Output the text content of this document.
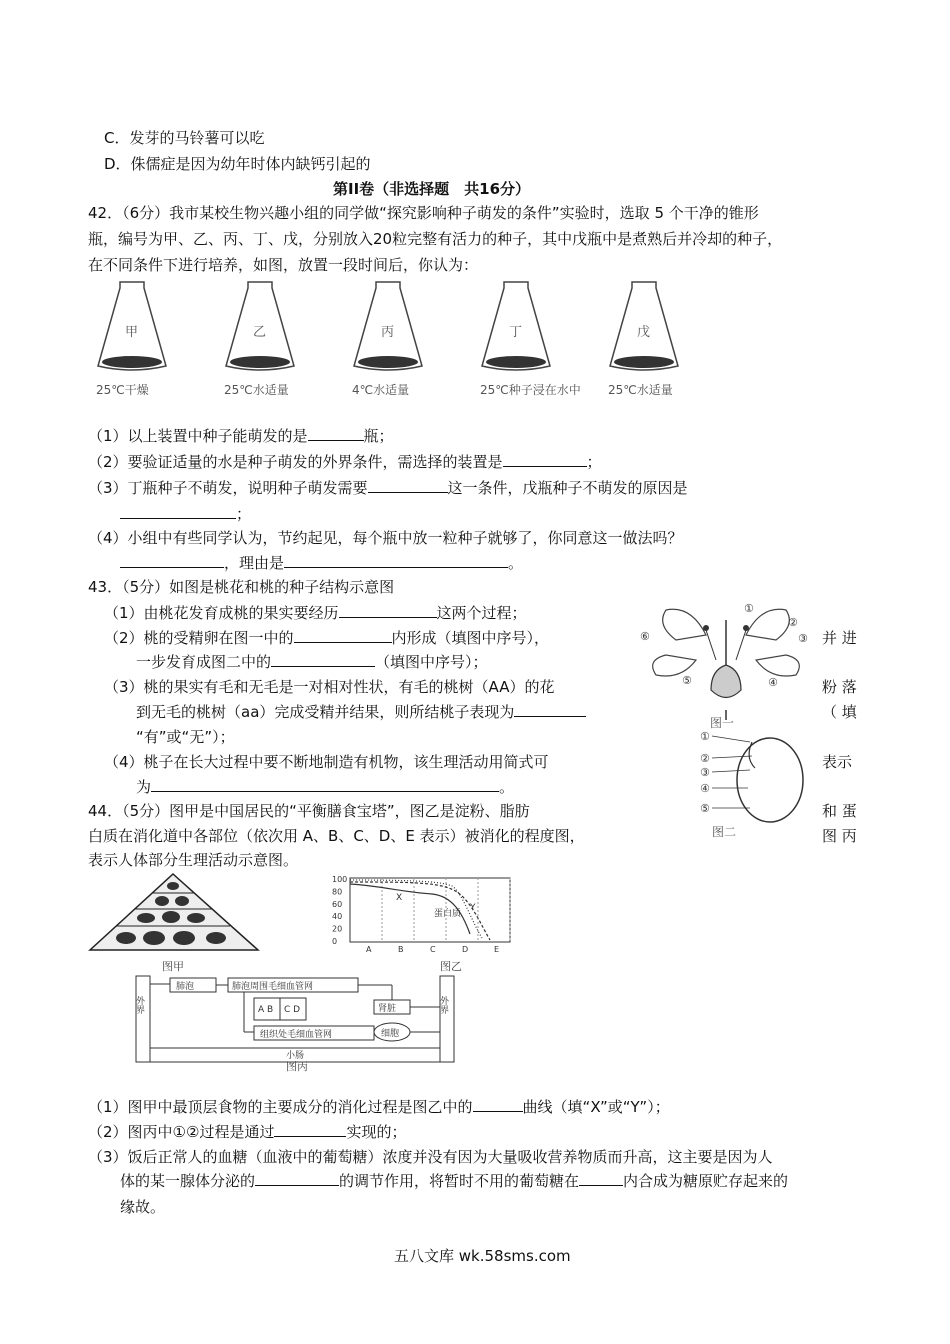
C．发芽的马铃薯可以吃
D．侏儒症是因为幼年时体内缺钙引起的
第II卷（非选择题　共16分）
42．（6分）我市某校生物兴趣小组的同学做“探究影响种子萌发的条件”实验时，选取 5 个干净的锥形
瓶，编号为甲、乙、丙、丁、戊，分别放入20粒完整有活力的种子，其中戊瓶中是煮熟后并冷却的种子，
在不同条件下进行培养，如图，放置一段时间后，你认为：
甲
25℃干燥
乙
25℃水适量
丙
4℃水适量
丁
25℃种子浸在水中
戊
25℃水适量
（1）以上装置中种子能萌发的是	瓶；
（2）要验证适量的水是种子萌发的外界条件，需选择的装置是	；
（3）丁瓶种子不萌发，说明种子萌发需要	这一条件，戊瓶种子不萌发的原因是
；
（4）小组中有些同学认为，节约起见，每个瓶中放一粒种子就够了，你同意这一做法吗？
，理由是	。
43．（5分）如图是桃花和桃的种子结构示意图
（1）由桃花发育成桃的果实要经历	这两个过程；
（2）桃的受精卵在图一中的	内形成（填图中序号），	并 进
一步发育成图二中的	（填图中序号）；
（3）桃的果实有毛和无毛是一对相对性状，有毛的桃树（AA）的花	粉 落
到无毛的桃树（aa）完成受精并结果，则所结桃子表现为	（ 填
“有”或“无”）；
（4）桃子在长大过程中要不断地制造有机物，该生理活动用简式可	表示
为	。
①
②
③
④
⑤
⑥
图一
①
②
③
④
⑤
图二
44．（5分）图甲是中国居民的“平衡膳食宝塔”，图乙是淀粉、脂肪	和 蛋
白质在消化道中各部位（依次用 A、B、C、D、E 表示）被消化的程度图，	图 丙
表示人体部分生理活动示意图。
图甲
X
Y
蛋白质
A	B	C	D	E
100
80
60
40
20
0
图乙
外界	外界
肺泡	肺泡周围毛细血管网
A B C D	肾脏
细胞
组织处毛细血管网
小肠
图丙
（1）图甲中最顶层食物的主要成分的消化过程是图乙中的	曲线（填“X”或“Y”）；
（2）图丙中①②过程是通过	实现的；
（3）饭后正常人的血糖（血液中的葡萄糖）浓度并没有因为大量吸收营养物质而升高，这主要是因为人
体的某一腺体分泌的	的调节作用，将暂时不用的葡萄糖在	内合成为糖原贮存起来的
缘故。
五八文库 wk.58sms.com
